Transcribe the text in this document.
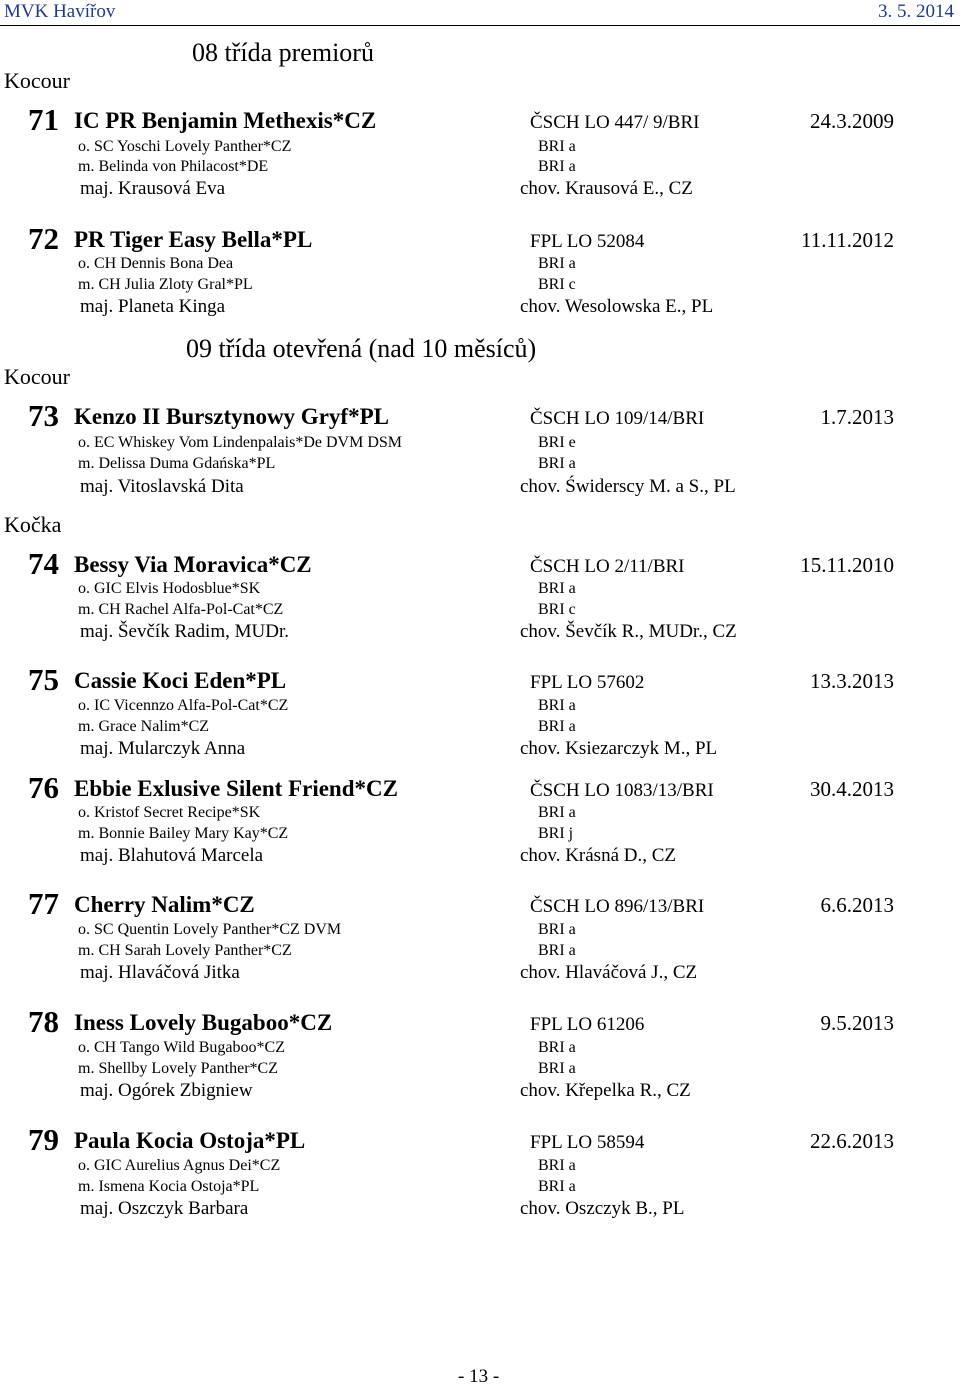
MVK Havířov	3. 5. 2014
08 třída premiorů
Kocour
71 IC PR Benjamin Methexis*CZ	ČSCH LO 447/ 9/BRI	24.3.2009
o. SC Yoschi Lovely Panther*CZ	BRI a
m. Belinda von Philacost*DE	BRI a
maj. Krausová Eva	chov. Krausová E., CZ
72 PR Tiger Easy Bella*PL	FPL LO 52084	11.11.2012
o. CH Dennis Bona Dea	BRI a
m. CH Julia Zloty Gral*PL	BRI c
maj. Planeta Kinga	chov. Wesolowska E., PL
09 třída otevřená (nad 10 měsíců)
Kocour
73 Kenzo II Bursztynowy Gryf*PL	ČSCH LO 109/14/BRI	1.7.2013
o. EC Whiskey Vom Lindenpalais*De DVM DSM	BRI e
m. Delissa Duma Gdańska*PL	BRI a
maj. Vitoslavská Dita	chov. Świderscy M. a S., PL
Kočka
74 Bessy Via Moravica*CZ	ČSCH LO 2/11/BRI	15.11.2010
o. GIC Elvis Hodosblue*SK	BRI a
m. CH Rachel Alfa-Pol-Cat*CZ	BRI c
maj. Ševčík Radim, MUDr.	chov. Ševčík R., MUDr., CZ
75 Cassie Koci Eden*PL	FPL LO 57602	13.3.2013
o. IC Vicennzo Alfa-Pol-Cat*CZ	BRI a
m. Grace Nalim*CZ	BRI a
maj. Mularczyk Anna	chov. Ksiezarczyk M., PL
76 Ebbie Exlusive Silent Friend*CZ	ČSCH LO 1083/13/BRI	30.4.2013
o. Kristof Secret Recipe*SK	BRI a
m. Bonnie Bailey Mary Kay*CZ	BRI j
maj. Blahutová Marcela	chov. Krásná D., CZ
77 Cherry Nalim*CZ	ČSCH LO 896/13/BRI	6.6.2013
o. SC Quentin Lovely Panther*CZ DVM	BRI a
m. CH Sarah Lovely Panther*CZ	BRI a
maj. Hlaváčová Jitka	chov. Hlaváčová J., CZ
78 Iness Lovely Bugaboo*CZ	FPL LO 61206	9.5.2013
o. CH Tango Wild Bugaboo*CZ	BRI a
m. Shellby Lovely Panther*CZ	BRI a
maj. Ogórek Zbigniew	chov. Křepelka R., CZ
79 Paula Kocia Ostoja*PL	FPL LO 58594	22.6.2013
o. GIC Aurelius Agnus Dei*CZ	BRI a
m. Ismena Kocia Ostoja*PL	BRI a
maj. Oszczyk Barbara	chov. Oszczyk B., PL
- 13 -
